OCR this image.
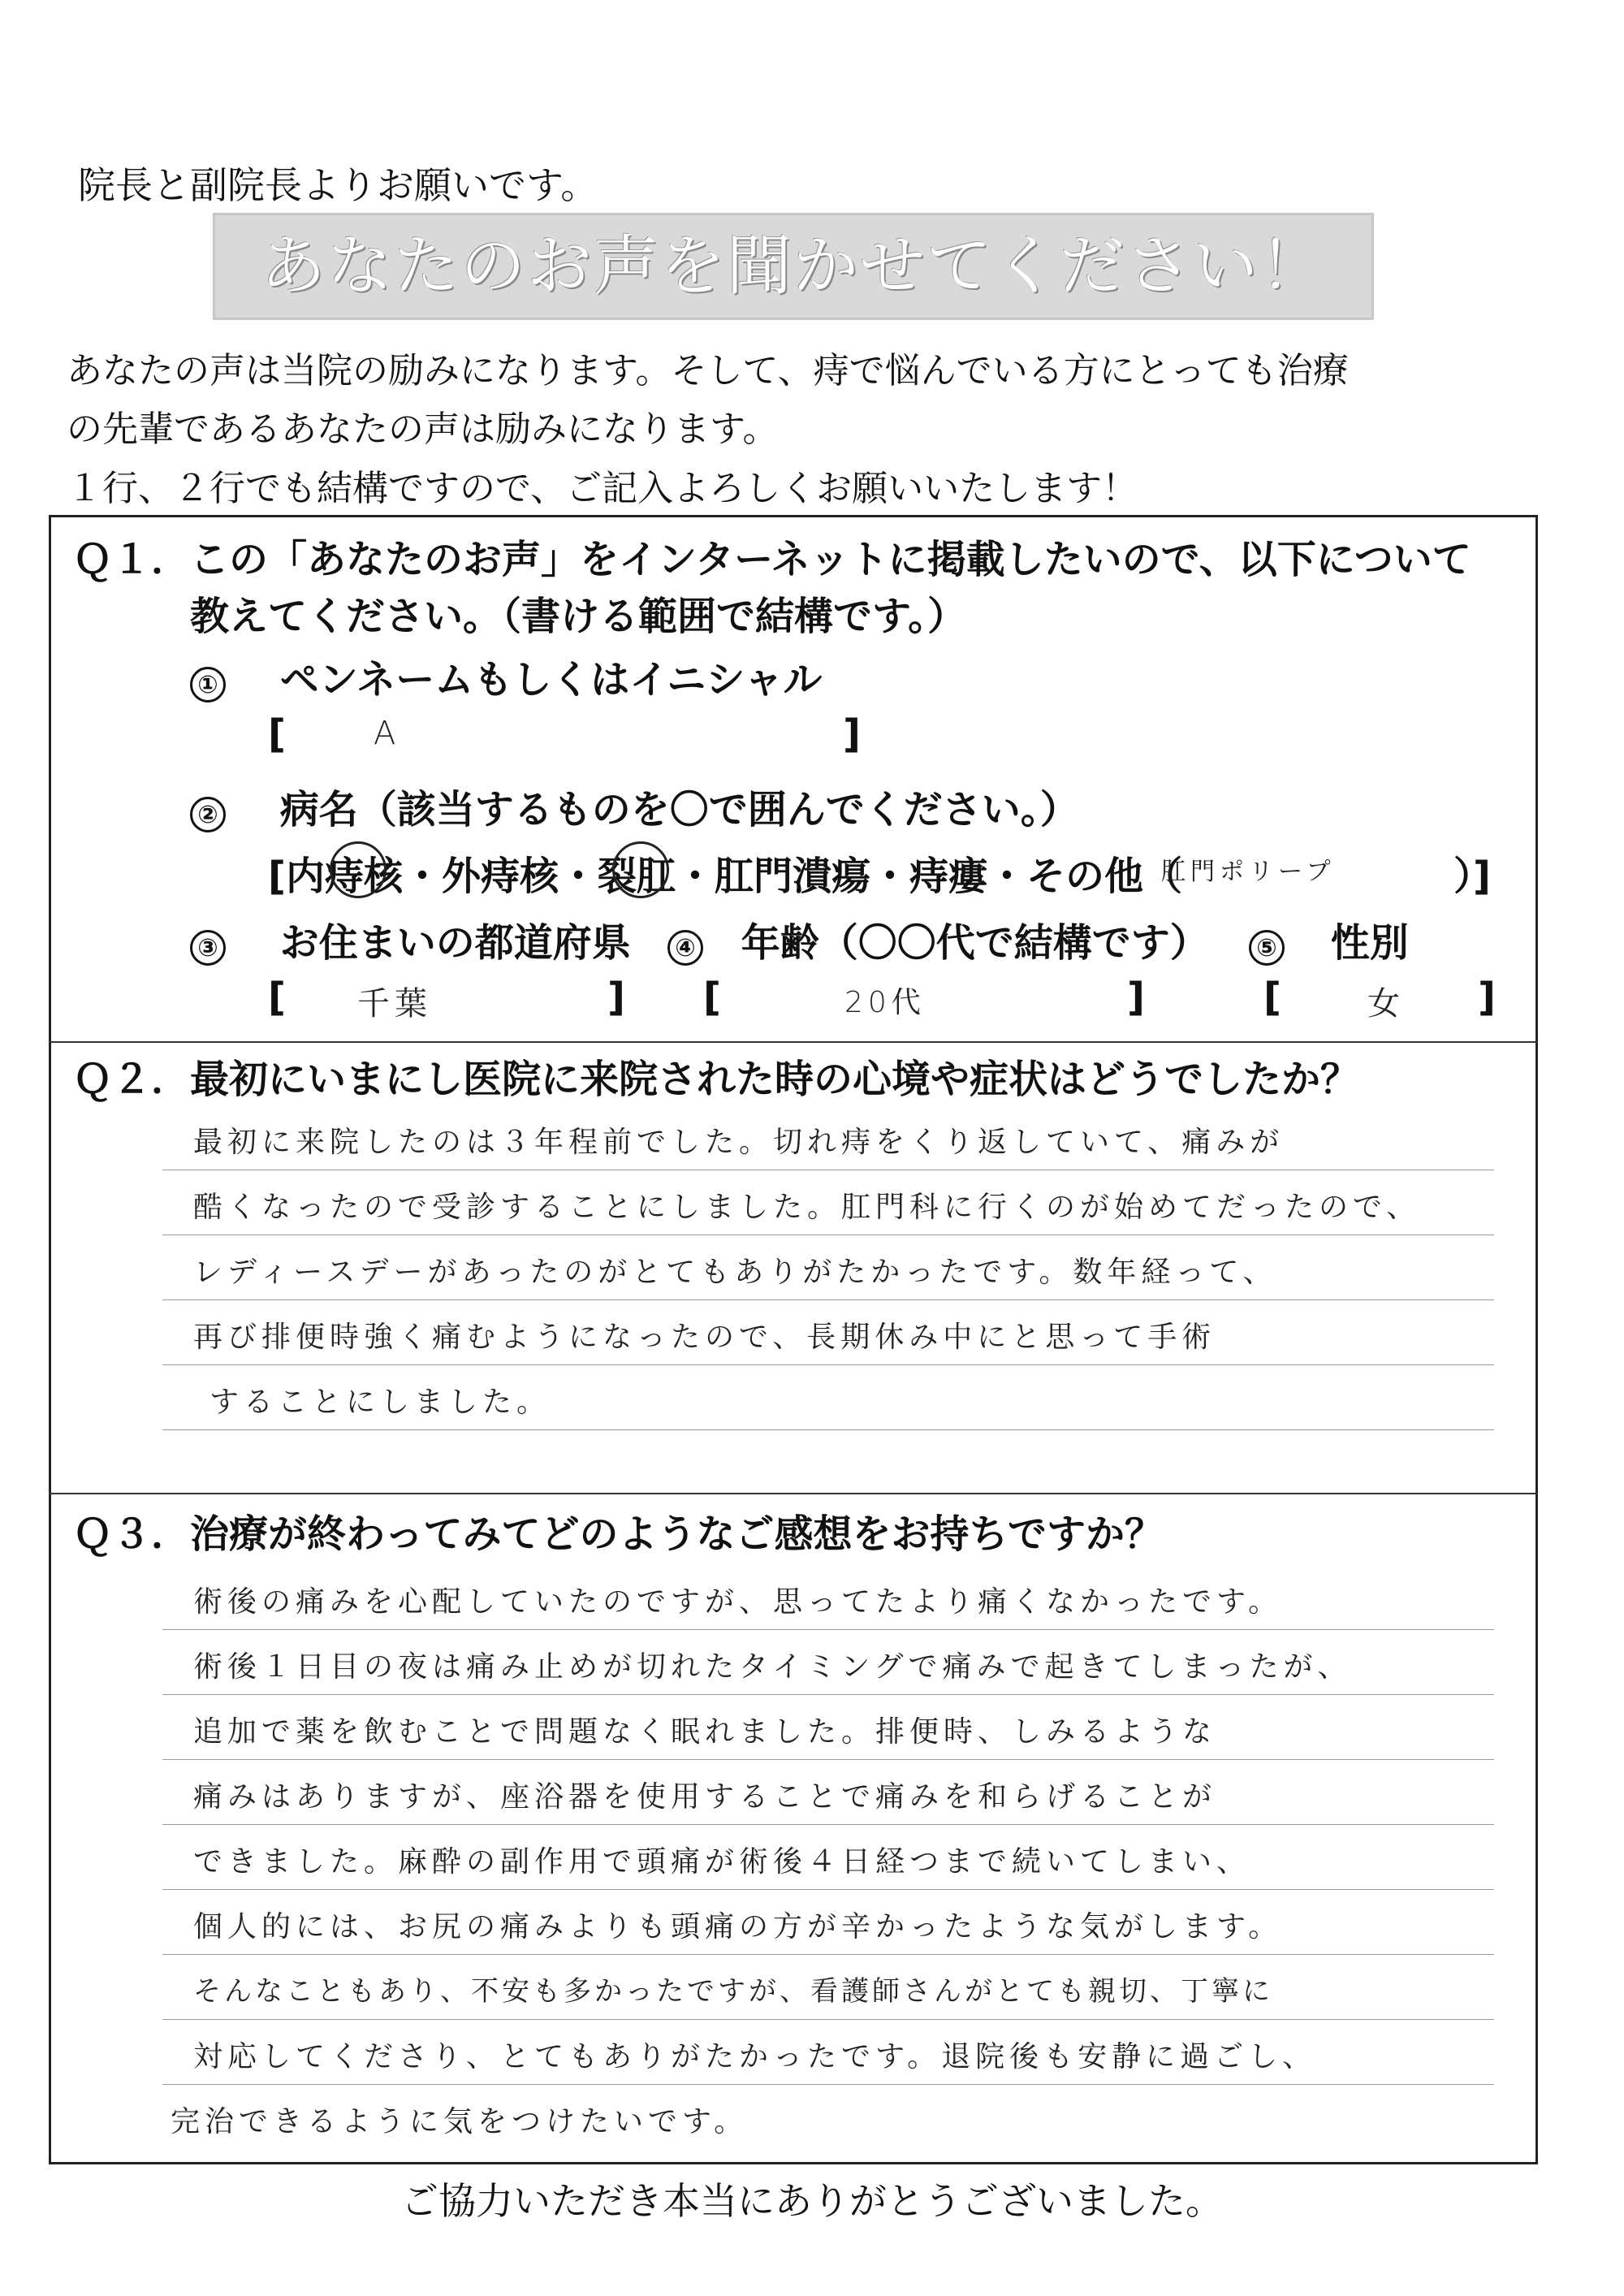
院長と副院長よりお願いです。
あなたのお声を聞かせてください！
あなたの声は当院の励みになります。そして、痔で悩んでいる方にとっても治療
の先輩であるあなたの声は励みになります。
１行、２行でも結構ですので、ご記入よろしくお願いいたします！
Ｑ１．この「あなたのお声」をインターネットに掲載したいので、以下について
教えてください。（書ける範囲で結構です。）
① ペンネームもしくはイニシャル
[	A	]
② 病名（該当するものを〇で囲んでください。）
[内痔核・外痔核・裂肛・肛門潰瘍・痔瘻・その他（
肛門ポリープ	）]
③ お住まいの都道府県	④ 年齢（〇〇代で結構です）	⑤ 性別
[ 千葉	] [	20代	]	[	女 ]
Ｑ２．最初にいまにし医院に来院された時の心境や症状はどうでしたか？
最初に来院したのは３年程前でした。切れ痔をくり返していて、痛みが
酷くなったので受診することにしました。肛門科に行くのが始めてだったので、
レディースデーがあったのがとてもありがたかったです。数年経って、
再び排便時強く痛むようになったので、長期休み中にと思って手術
することにしました。
Ｑ３．治療が終わってみてどのようなご感想をお持ちですか？
術後の痛みを心配していたのですが、思ってたより痛くなかったです。
術後１日目の夜は痛み止めが切れたタイミングで痛みで起きてしまったが、
追加で薬を飲むことで問題なく眠れました。排便時、しみるような
痛みはありますが、座浴器を使用することで痛みを和らげることが
できました。麻酔の副作用で頭痛が術後４日経つまで続いてしまい、
個人的には、お尻の痛みよりも頭痛の方が辛かったような気がします。
そんなこともあり、不安も多かったですが、看護師さんがとても親切、丁寧に
対応してくださり、とてもありがたかったです。退院後も安静に過ごし、
完治できるように気をつけたいです。
ご協力いただき本当にありがとうございました。
